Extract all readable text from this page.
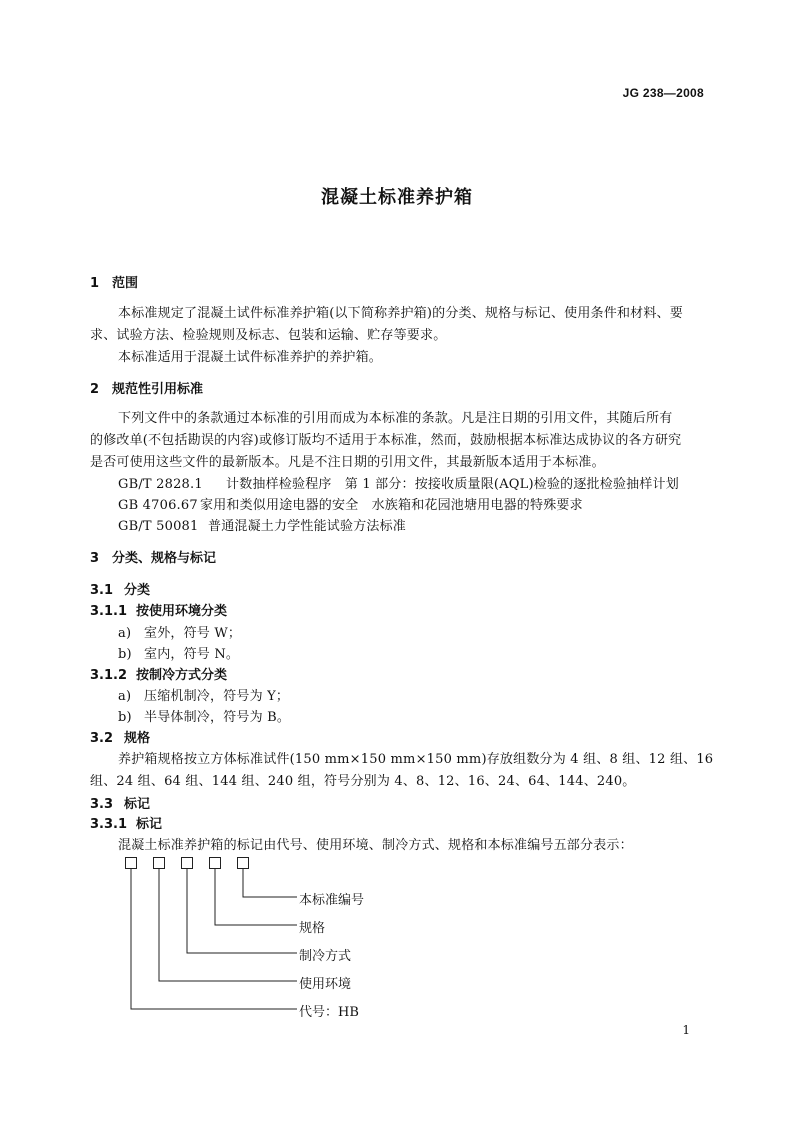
JG 238—2008
混凝土标准养护箱
1 范围
本标准规定了混凝土试件标准养护箱(以下简称养护箱)的分类、规格与标记、使用条件和材料、要
求、试验方法、检验规则及标志、包装和运输、贮存等要求。
本标准适用于混凝土试件标准养护的养护箱。
2 规范性引用标准
下列文件中的条款通过本标准的引用而成为本标准的条款。凡是注日期的引用文件，其随后所有
的修改单(不包括勘误的内容)或修订版均不适用于本标准，然而，鼓励根据本标准达成协议的各方研究
是否可使用这些文件的最新版本。凡是不注日期的引用文件，其最新版本适用于本标准。
GB/T 2828.1 计数抽样检验程序　第 1 部分：按接收质量限(AQL)检验的逐批检验抽样计划
GB 4706.67 家用和类似用途电器的安全　水族箱和花园池塘用电器的特殊要求
GB/T 50081 普通混凝土力学性能试验方法标准
3 分类、规格与标记
3.1 分类
3.1.1 按使用环境分类
a) 室外，符号 W；
b) 室内，符号 N。
3.1.2 按制冷方式分类
a) 压缩机制冷，符号为 Y；
b) 半导体制冷，符号为 B。
3.2 规格
养护箱规格按立方体标准试件(150 mm×150 mm×150 mm)存放组数分为 4 组、8 组、12 组、16
组、24 组、64 组、144 组、240 组，符号分别为 4、8、12、16、24、64、144、240。
3.3 标记
3.3.1 标记
混凝土标准养护箱的标记由代号、使用环境、制冷方式、规格和本标准编号五部分表示：
本标准编号
规格
制冷方式
使用环境
代号：HB
1
